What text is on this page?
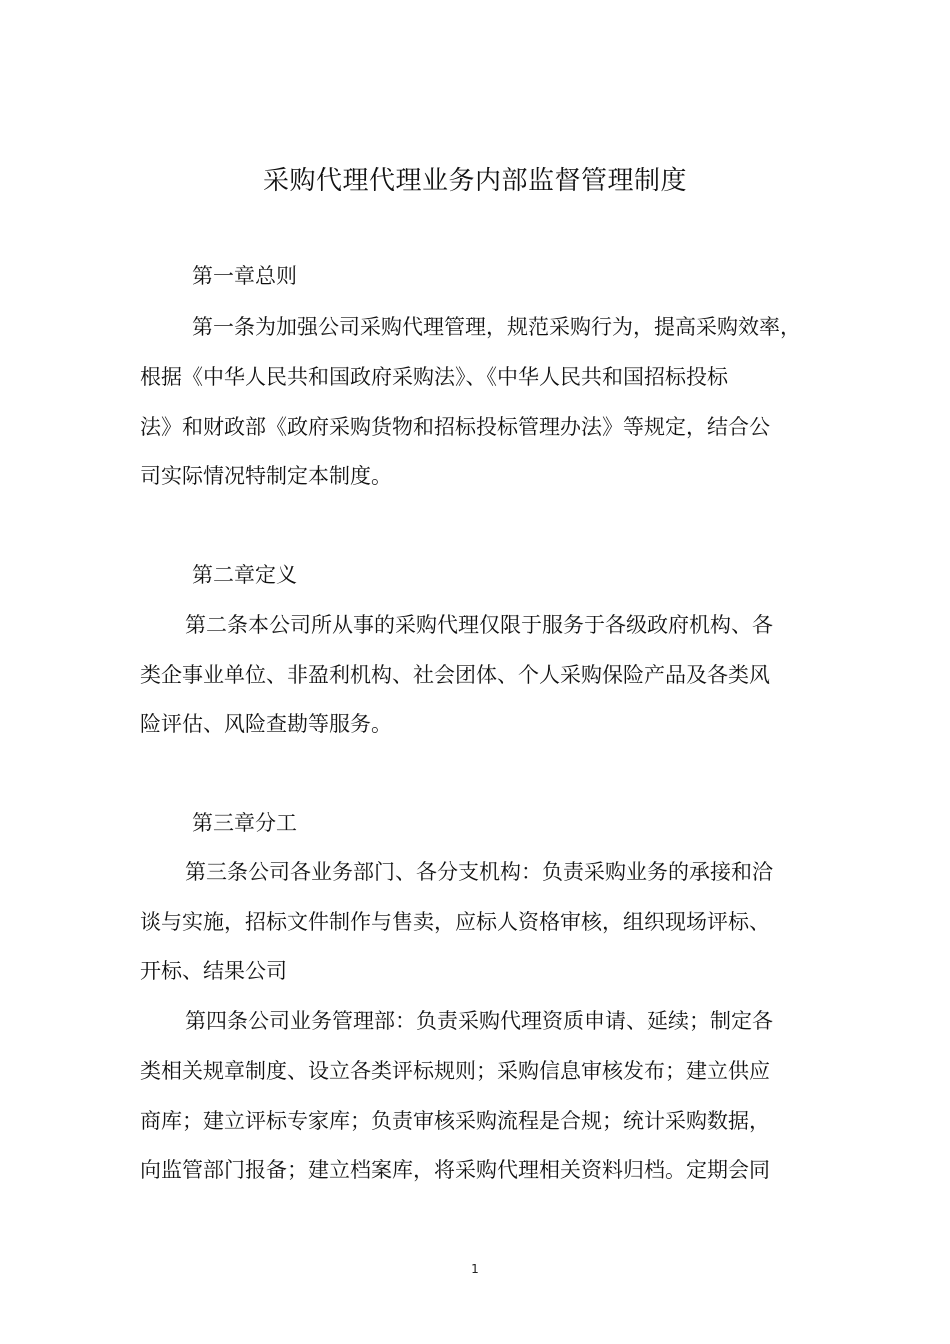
采购代理代理业务内部监督管理制度
第一章总则
第一条为加强公司采购代理管理，规范采购行为，提高采购效率，
根据《中华人民共和国政府采购法》、《中华人民共和国招标投标
法》和财政部《政府采购货物和招标投标管理办法》等规定，结合公
司实际情况特制定本制度。
第二章定义
第二条本公司所从事的采购代理仅限于服务于各级政府机构、各
类企事业单位、非盈利机构、社会团体、个人采购保险产品及各类风
险评估、风险查勘等服务。
第三章分工
第三条公司各业务部门、各分支机构：负责采购业务的承接和洽
谈与实施，招标文件制作与售卖，应标人资格审核，组织现场评标、
开标、结果公司
第四条公司业务管理部：负责采购代理资质申请、延续；制定各
类相关规章制度、设立各类评标规则；采购信息审核发布；建立供应
商库；建立评标专家库；负责审核采购流程是合规；统计采购数据，
向监管部门报备；建立档案库，将采购代理相关资料归档。定期会同
1
